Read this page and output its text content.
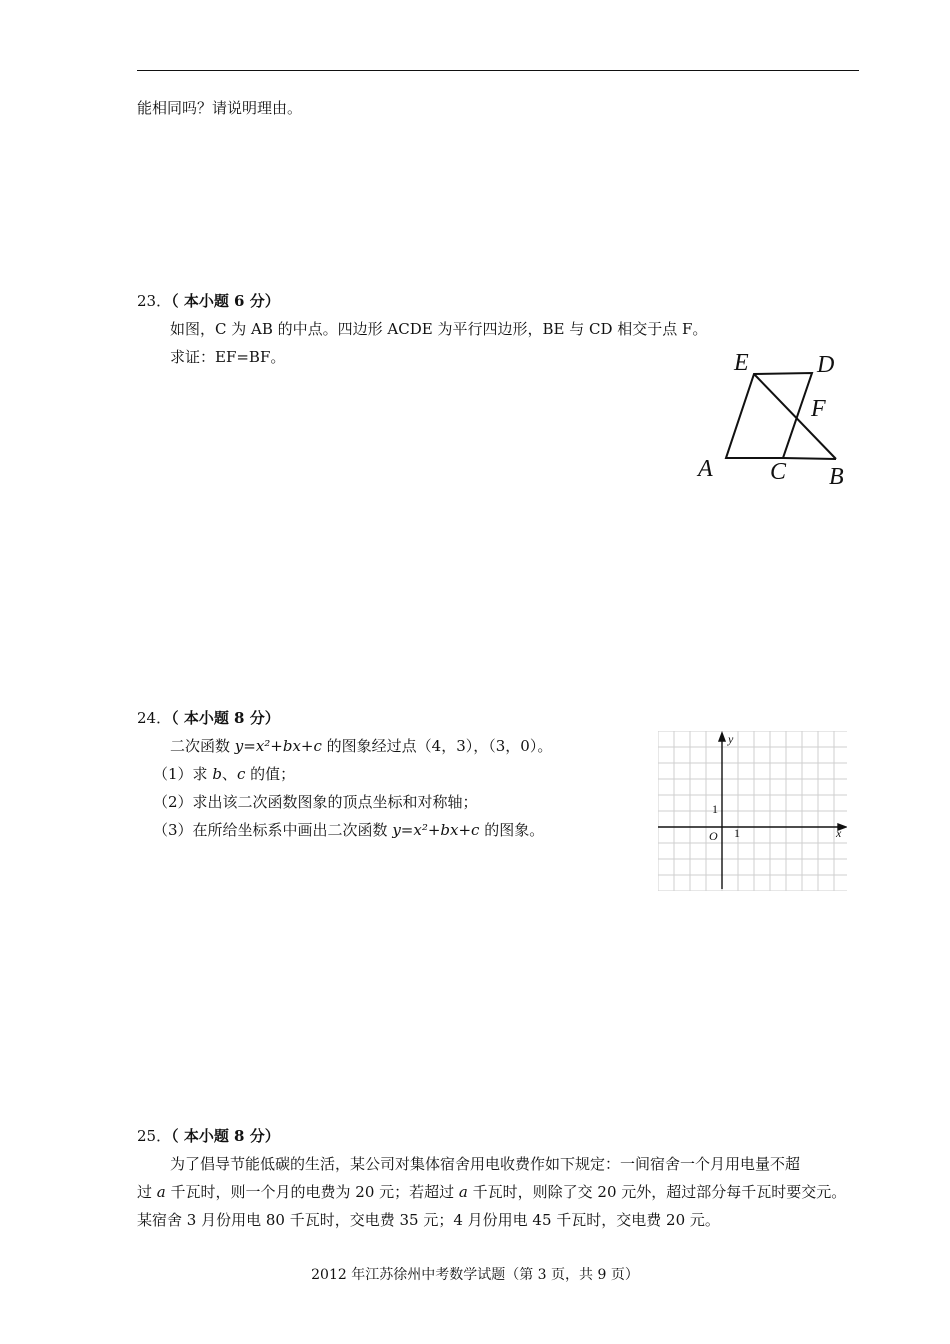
能相同吗？请说明理由。
23．（ 本小题 6 分）
如图，C 为 AB 的中点。四边形 ACDE 为平行四边形，BE 与 CD 相交于点 F。
求证：EF=BF。	E	D
F
A C B
24．（ 本小题 8 分）
二次函数 y=x²+bx+c 的图象经过点（4，3），（3，0）。
（1）求 b、c 的值；
（2）求出该二次函数图象的顶点坐标和对称轴；
（3）在所给坐标系中画出二次函数 y=x²+bx+c 的图象。
y
x
O 1
1
25．（ 本小题 8 分）
为了倡导节能低碳的生活，某公司对集体宿舍用电收费作如下规定：一间宿舍一个月用电量不超
过 a 千瓦时，则一个月的电费为 20 元；若超过 a 千瓦时，则除了交 20 元外，超过部分每千瓦时要交元。
某宿舍 3 月份用电 80 千瓦时，交电费 35 元；4 月份用电 45 千瓦时，交电费 20 元。
2012 年江苏徐州中考数学试题（第 3 页，共 9 页）
